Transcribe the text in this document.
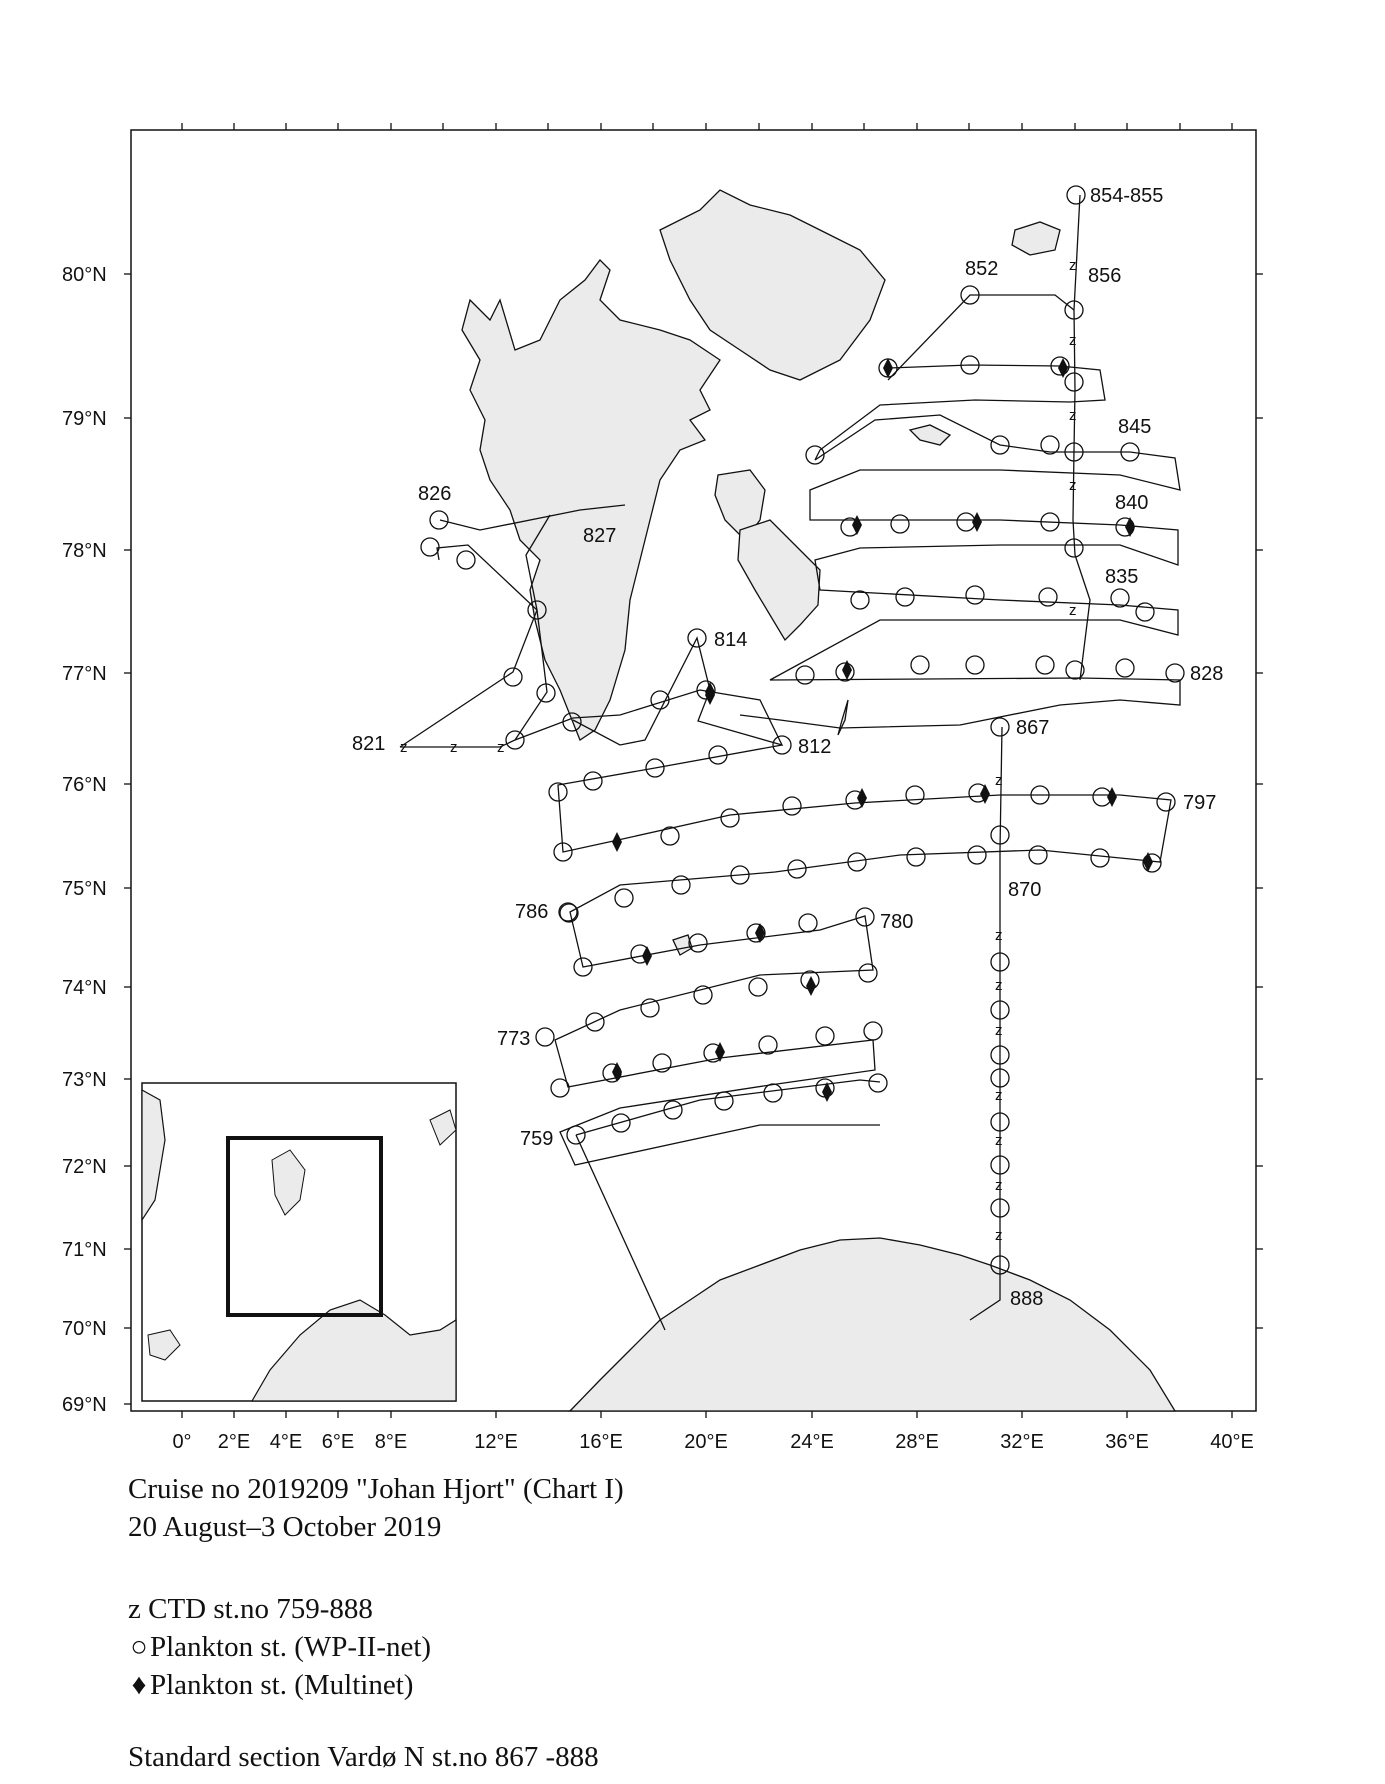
z
z
z
z
z
z
z
z
z
z
z
z
z
z	z	z
854-855
852	856
845
840
835
826
827
814
828
821	812
867
797
870
786	780
773
759
888
80°N
79°N
78°N
77°N
76°N
75°N
74°N
73°N
72°N
71°N
70°N
69°N
0° 2°E 4°E 6°E 8°E	12°E	16°E	20°E	24°E	28°E	32°E	36°E	40°E
Cruise no 2019209 "Johan Hjort" (Chart I)
20 August–3 October 2019
z CTD st.no 759-888
○Plankton st. (WP-II-net)
♦ Plankton st. (Multinet)
Standard section Vardø N st.no 867 -888
